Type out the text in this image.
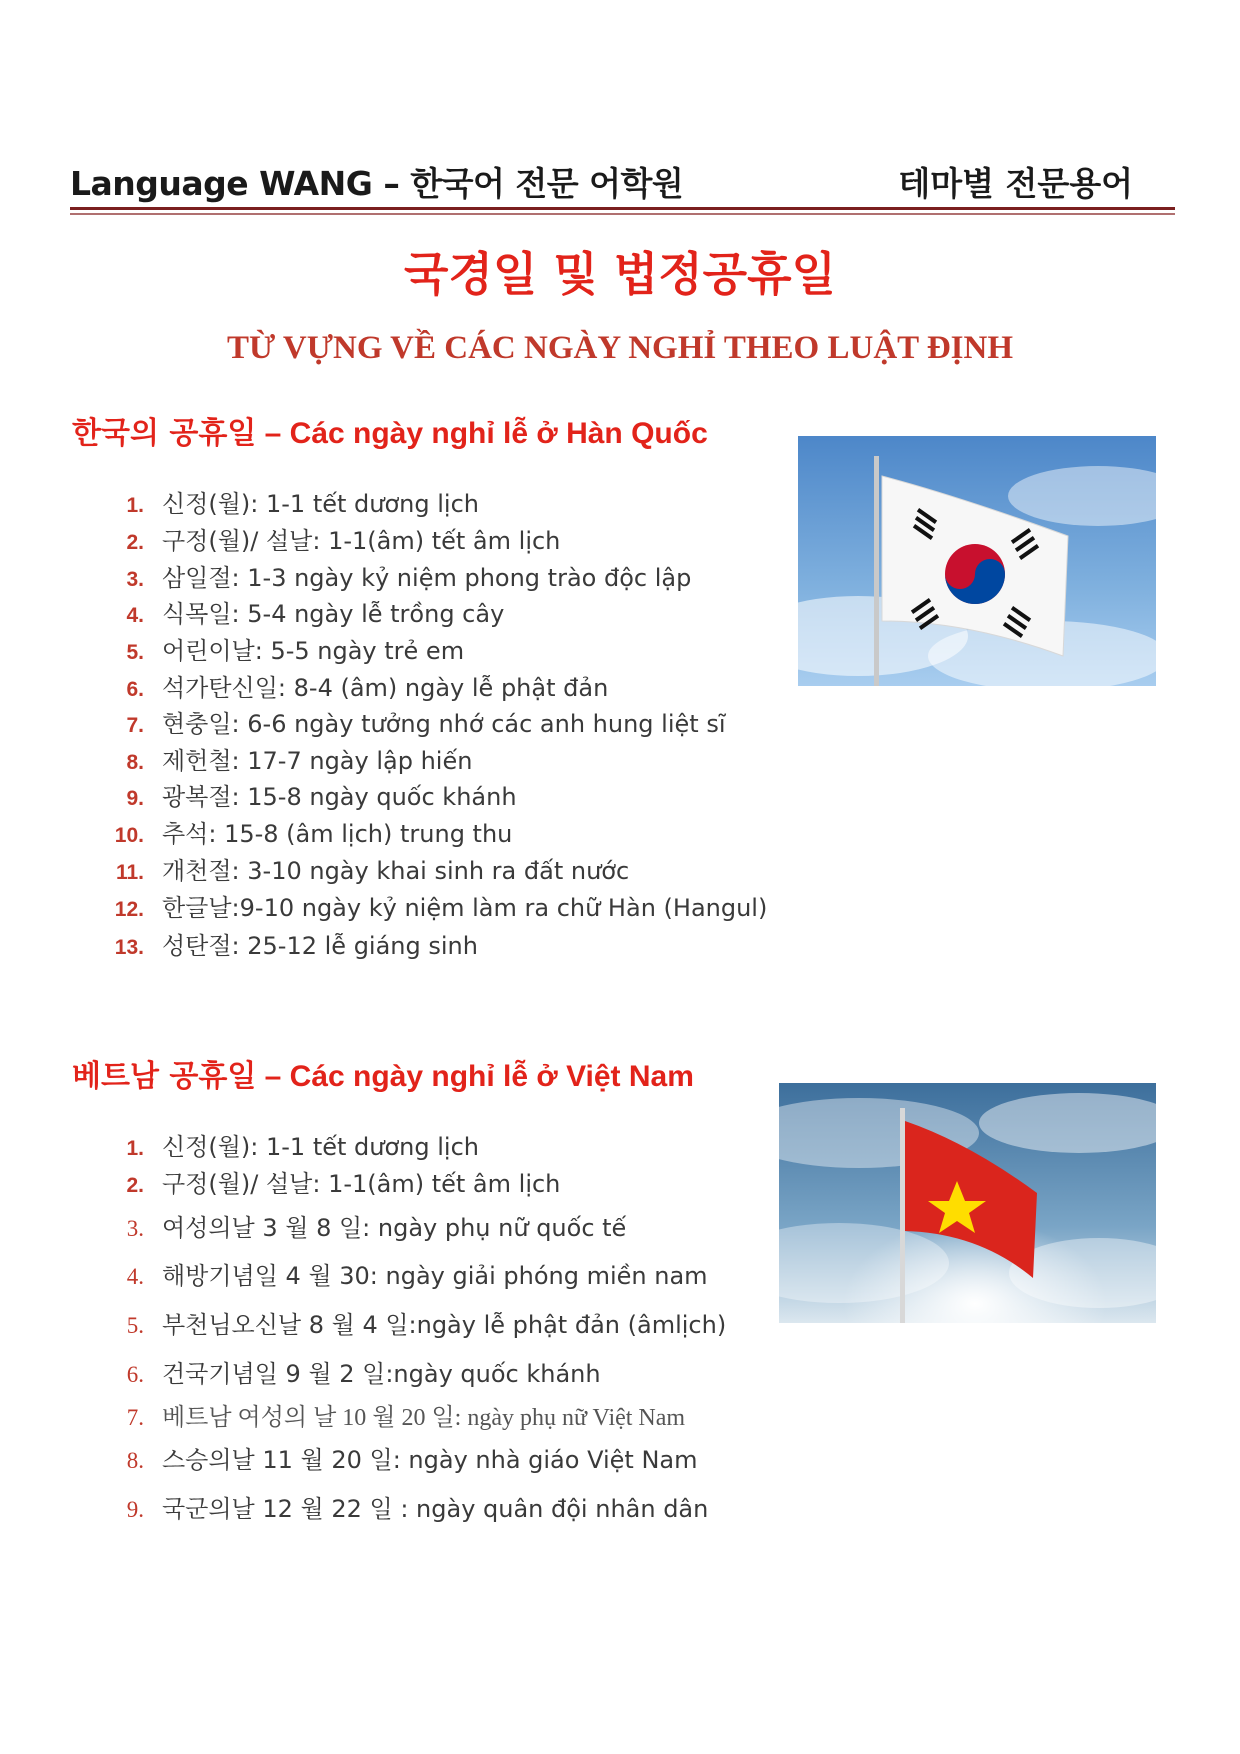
Language WANG – 한국어 전문 어학원	테마별 전문용어
국경일 및 법정공휴일
TỪ VỰNG VỀ CÁC NGÀY NGHỈ THEO LUẬT ĐỊNH
한국의 공휴일 – Các ngày nghỉ lễ ở Hàn Quốc
1. 신정(월): 1-1 tết dương lịch
2. 구정(월)/ 설날: 1-1(âm) tết âm lịch
3. 삼일절: 1-3 ngày kỷ niệm phong trào độc lập
4. 식목일: 5-4 ngày lễ trồng cây
5. 어린이날: 5-5 ngày trẻ em
6. 석가탄신일: 8-4 (âm) ngày lễ phật đản
7. 현충일: 6-6 ngày tưởng nhớ các anh hung liệt sĩ
8. 제헌철: 17-7 ngày lập hiến
9. 광복절: 15-8 ngày quốc khánh
10. 추석: 15-8 (âm lịch) trung thu
11. 개천절: 3-10 ngày khai sinh ra đất nước
12. 한글날:9-10 ngày kỷ niệm làm ra chữ Hàn (Hangul)
13. 성탄절: 25-12 lễ giáng sinh
베트남 공휴일 – Các ngày nghỉ lễ ở Việt Nam
1. 신정(월): 1-1 tết dương lịch
2. 구정(월)/ 설날: 1-1(âm) tết âm lịch
3. 여성의날 3 월 8 일: ngày phụ nữ quốc tế
4. 해방기념일 4 월 30: ngày giải phóng miền nam
5. 부천님오신날 8 월 4 일:ngày lễ phật đản (âmlịch)
6. 건국기념일 9 월 2 일:ngày quốc khánh
7. 베트남 여성의 날 10 월 20 일: ngày phụ nữ Việt Nam
8. 스승의날 11 월 20 일: ngày nhà giáo Việt Nam
9. 국군의날 12 월 22 일 : ngày quân đội nhân dân
